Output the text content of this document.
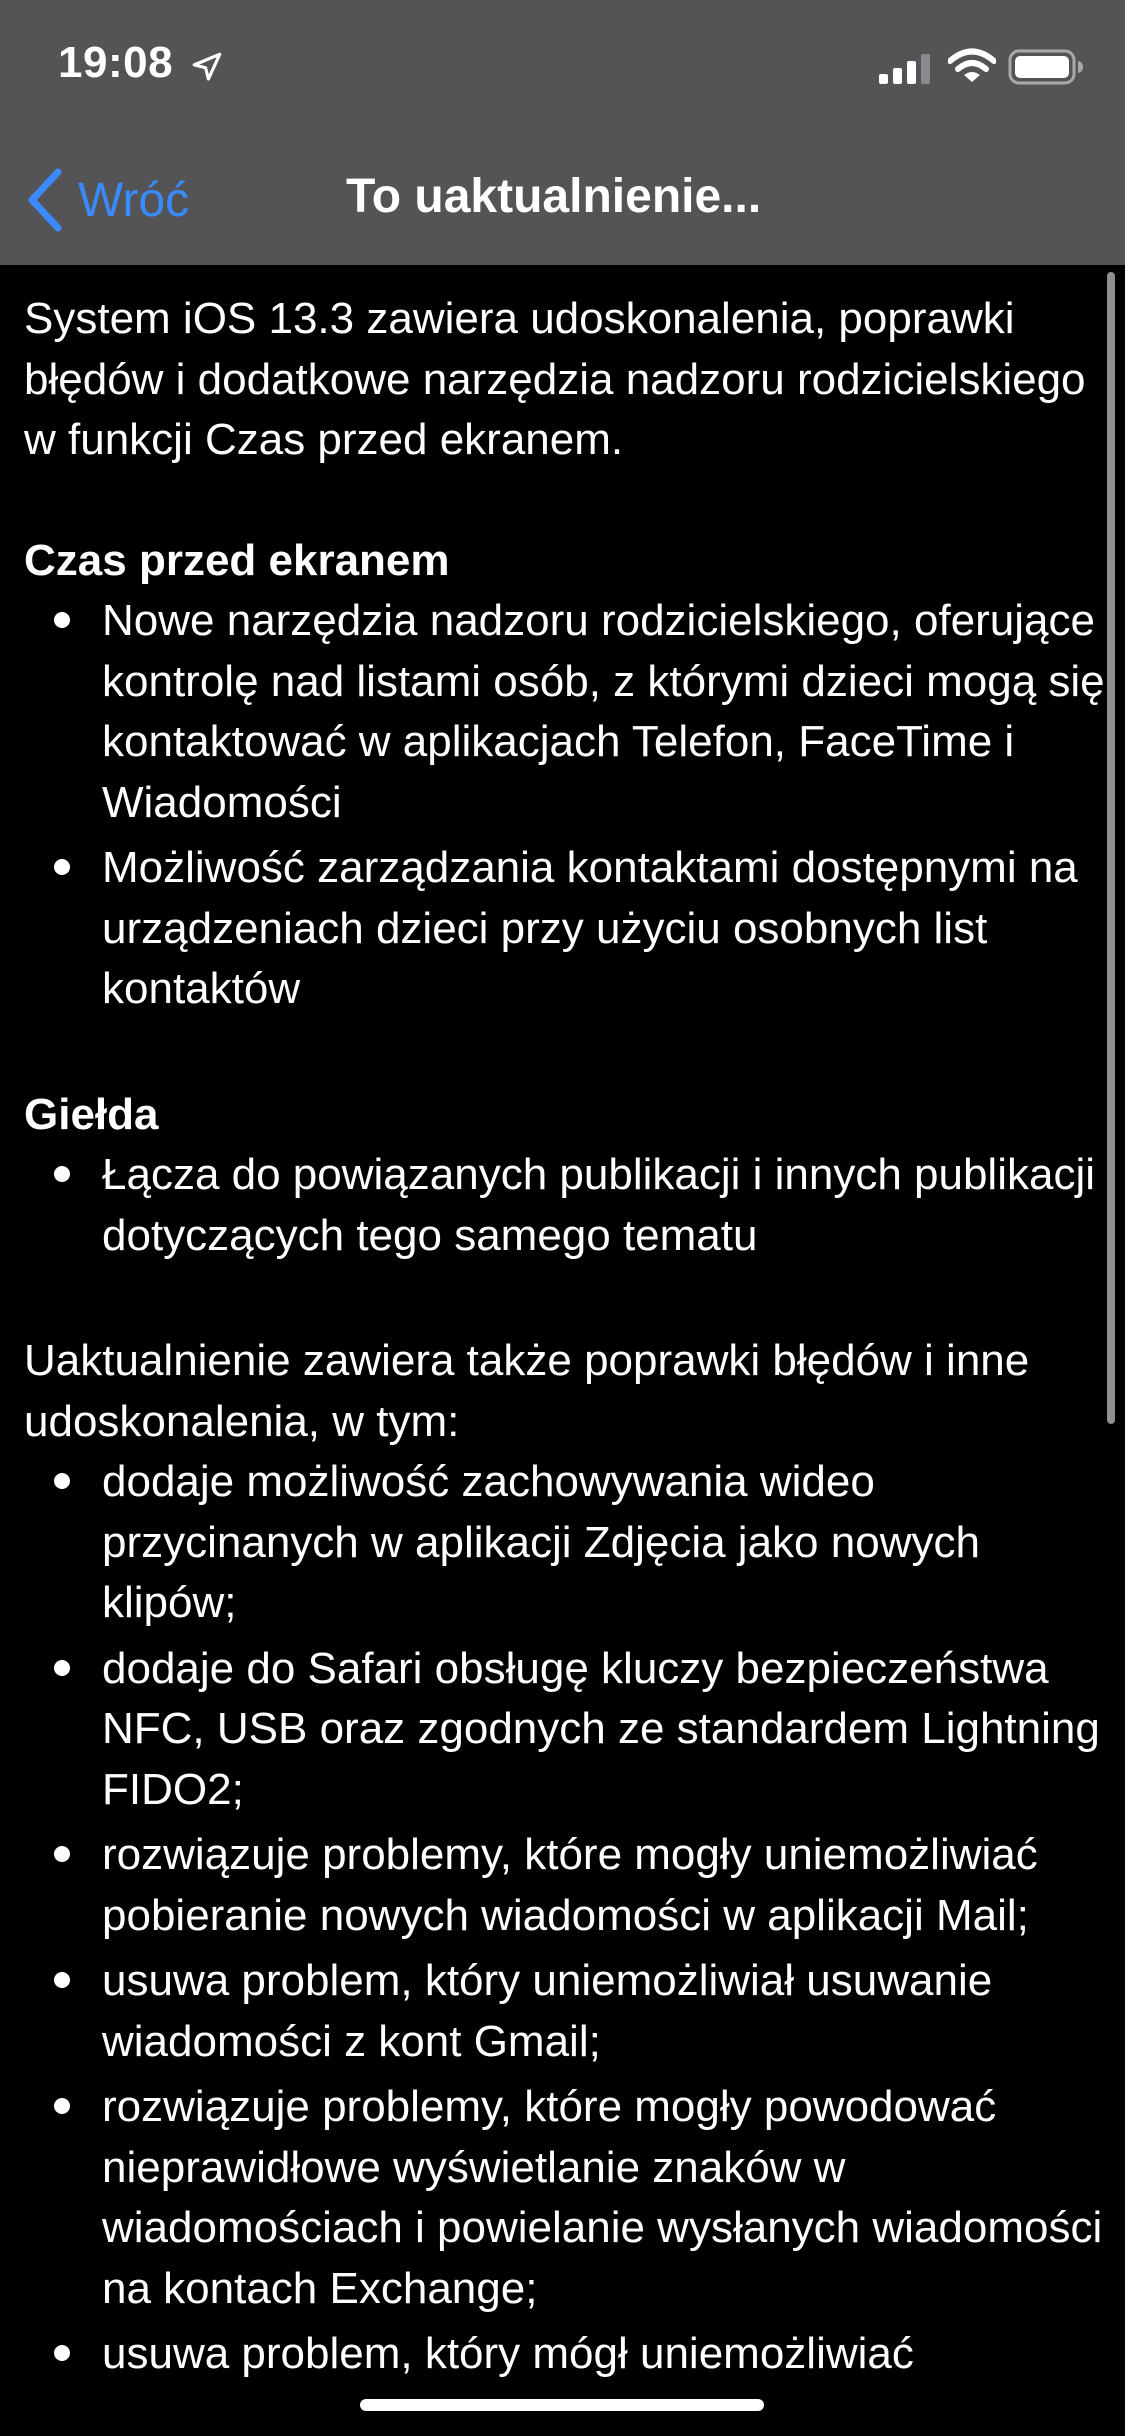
19:08
Wróć	To uaktualnienie...

System iOS 13.3 zawiera udoskonalenia, poprawki błędów i dodatkowe narzędzia nadzoru rodzicielskiego w funkcji Czas przed ekranem.

Czas przed ekranem

Nowe narzędzia nadzoru rodzicielskiego, oferujące kontrolę nad listami osób, z którymi dzieci mogą się kontaktować w aplikacjach Telefon, FaceTime i Wiadomości
Możliwość zarządzania kontaktami dostępnymi na urządzeniach dzieci przy użyciu osobnych list kontaktów

Giełda

Łącza do powiązanych publikacji i innych publikacji dotyczących tego samego tematu

Uaktualnienie zawiera także poprawki błędów i inne udoskonalenia, w tym:

dodaje możliwość zachowywania wideo przycinanych w aplikacji Zdjęcia jako nowych klipów;
dodaje do Safari obsługę kluczy bezpieczeństwa NFC, USB oraz zgodnych ze standardem Lightning FIDO2;
rozwiązuje problemy, które mogły uniemożliwiać pobieranie nowych wiadomości w aplikacji Mail;
usuwa problem, który uniemożliwiał usuwanie wiadomości z kont Gmail;
rozwiązuje problemy, które mogły powodować nieprawidłowe wyświetlanie znaków w wiadomościach i powielanie wysłanych wiadomości na kontach Exchange;
usuwa problem, który mógł uniemożliwiać
